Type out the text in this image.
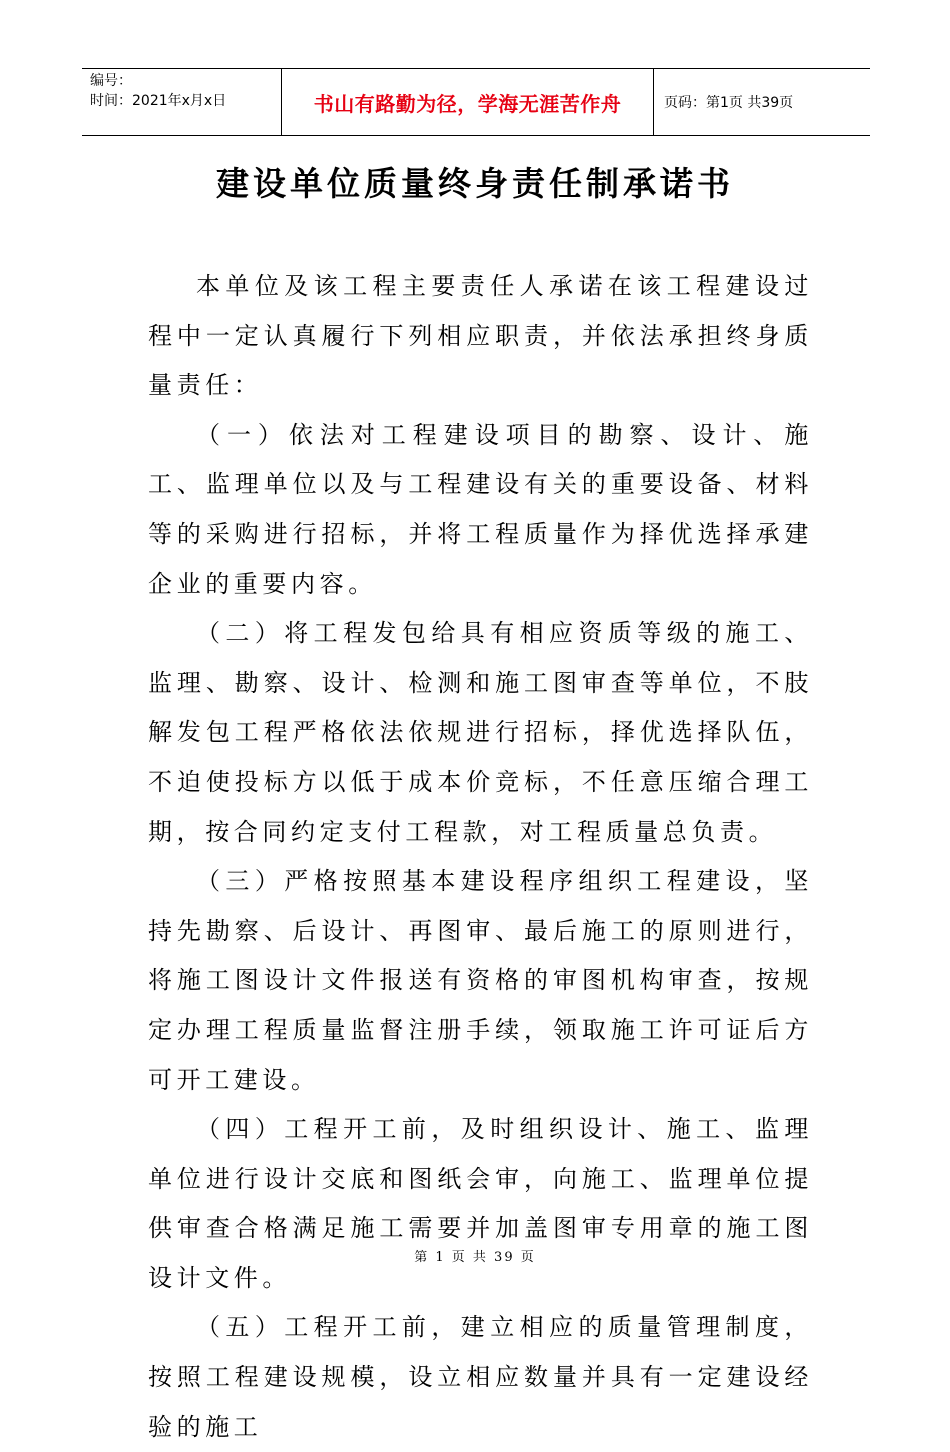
编号：
时间：2021年x月x日	书山有路勤为径，学海无涯苦作舟	页码：第1页 共39页
建设单位质量终身责任制承诺书

本单位及该工程主要责任人承诺在该工程建设过程中一定认真履行下列相应职责，并依法承担终身质量责任：

（一）依法对工程建设项目的勘察、设计、施工、监理单位以及与工程建设有关的重要设备、材料等的采购进行招标，并将工程质量作为择优选择承建企业的重要内容。

（二）将工程发包给具有相应资质等级的施工、监理、勘察、设计、检测和施工图审查等单位，不肢解发包工程严格依法依规进行招标，择优选择队伍，不迫使投标方以低于成本价竞标，不任意压缩合理工期，按合同约定支付工程款，对工程质量总负责。

（三）严格按照基本建设程序组织工程建设，坚持先勘察、后设计、再图审、最后施工的原则进行，将施工图设计文件报送有资格的审图机构审查，按规定办理工程质量监督注册手续，领取施工许可证后方可开工建设。

（四）工程开工前，及时组织设计、施工、监理单位进行设计交底和图纸会审，向施工、监理单位提供审查合格满足施工需要并加盖图审专用章的施工图设计文件。

（五）工程开工前，建立相应的质量管理制度，按照工程建设规模，设立相应数量并具有一定建设经验的施工

第 1 页 共 39 页
